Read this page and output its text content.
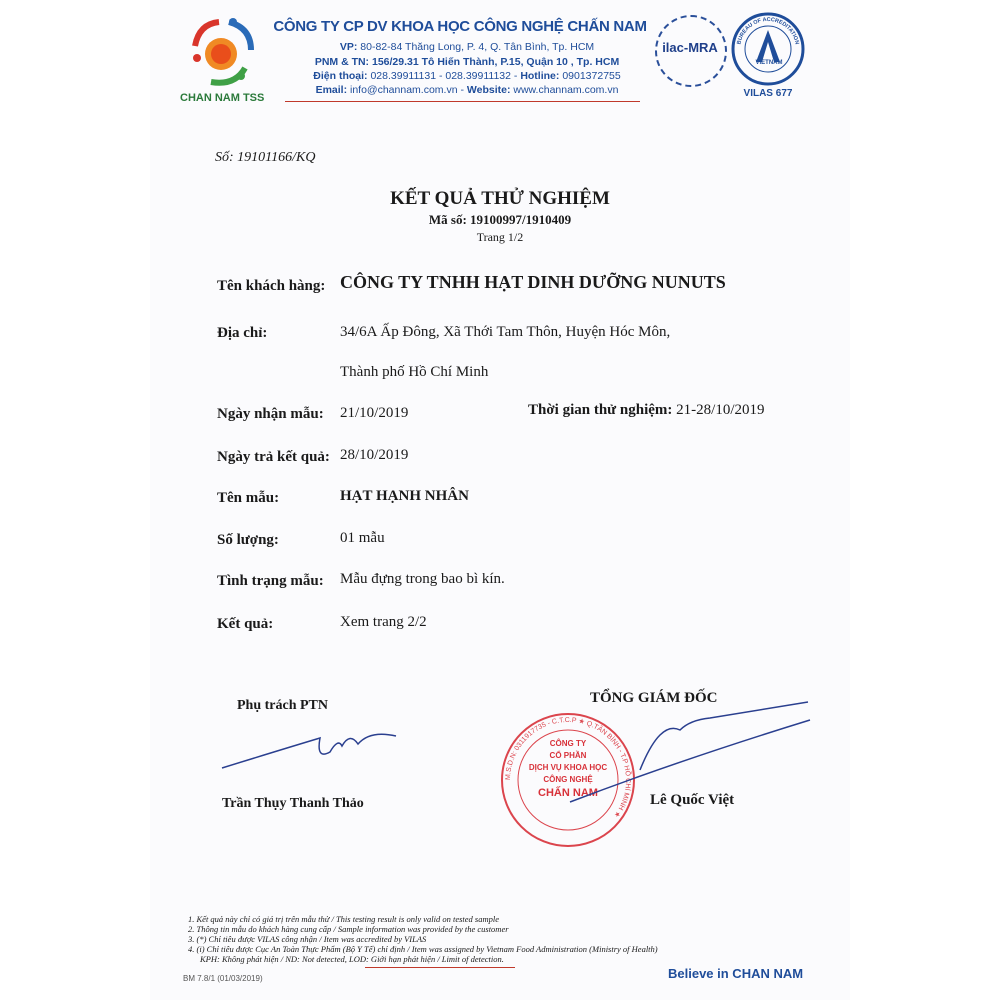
CHAN NAM TSS
CÔNG TY CP DV KHOA HỌC CÔNG NGHỆ CHẤN NAM
VP: 80-82-84 Thăng Long, P. 4, Q. Tân Bình, Tp. HCM
PNM & TN: 156/29.31 Tô Hiến Thành, P.15, Quận 10 , Tp. HCM
Điện thoại: 028.39911131 - 028.39911132 - Hotline: 0901372755
Email: info@channam.com.vn - Website: www.channam.com.vn
ilac-MRA	BUREAU OF ACCREDITATION
VIETNAM
VILAS 677
Số: 19101166/KQ
KẾT QUẢ THỬ NGHIỆM
Mã số: 19100997/1910409
Trang 1/2
Tên khách hàng: CÔNG TY TNHH HẠT DINH DƯỠNG NUNUTS
Địa chỉ:	34/6A Ấp Đông, Xã Thới Tam Thôn, Huyện Hóc Môn,
Thành phố Hồ Chí Minh
Ngày nhận mẫu: 21/10/2019	Thời gian thử nghiệm: 21-28/10/2019
Ngày trả kết quả: 28/10/2019
Tên mẫu:	HẠT HẠNH NHÂN
Số lượng:	01 mẫu
Tình trạng mẫu: Mẫu đựng trong bao bì kín.
Kết quả:	Xem trang 2/2
Phụ trách PTN
Trần Thụy Thanh Thảo
TỔNG GIÁM ĐỐC
M.S.D.N: 0311917735 - C.T.C.P ★ Q.TÂN BÌNH - T.P HỒ CHÍ MINH ★
CÔNG TY
CỔ PHẦN
DỊCH VỤ KHOA HỌC
CÔNG NGHỆ
CHẤN NAM	Lê Quốc Việt
1. Kết quả này chỉ có giá trị trên mẫu thử / This testing result is only valid on tested sample
2. Thông tin mẫu do khách hàng cung cấp / Sample information was provided by the customer
3. (*) Chỉ tiêu được VILAS công nhận / Item was accredited by VILAS
4. (i) Chỉ tiêu được Cục An Toàn Thực Phẩm (Bộ Y Tế) chỉ định / Item was assigned by Vietnam Food Administration (Ministry of Health)
KPH: Không phát hiện / ND: Not detected, LOD: Giới hạn phát hiện / Limit of detection.
BM 7.8/1 (01/03/2019)	Believe in CHAN NAM
